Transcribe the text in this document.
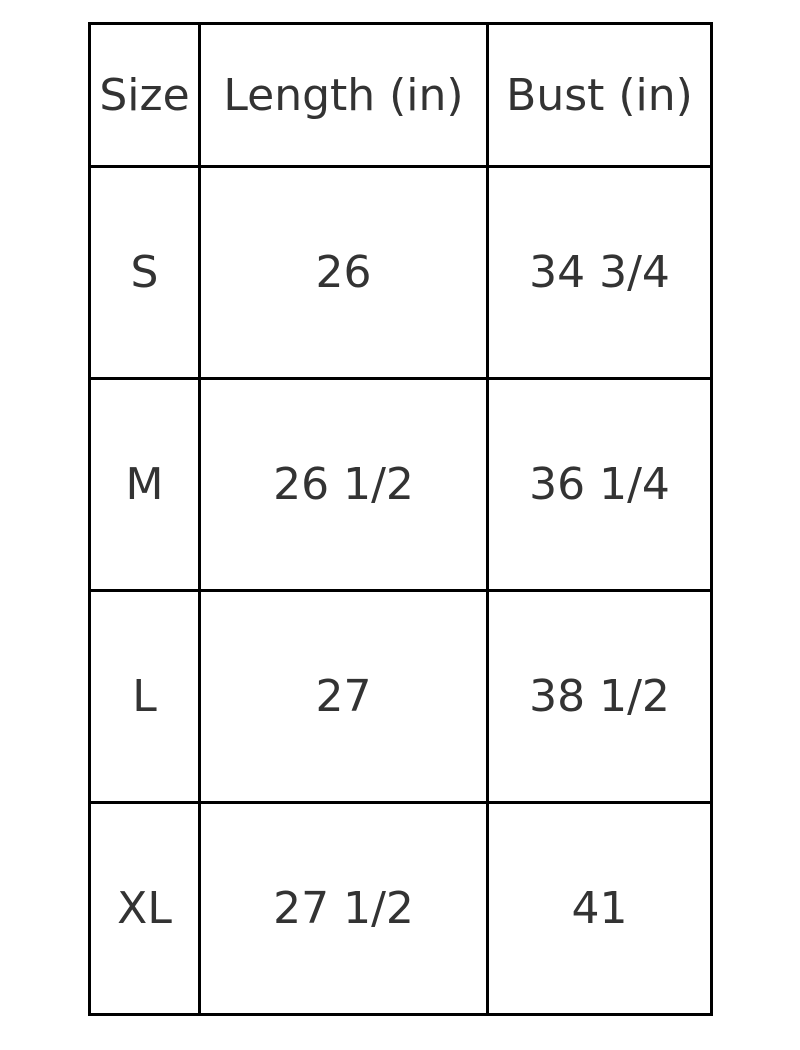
Size	Length (in)	Bust (in)
S	26	34 3/4
M	26 1/2	36 1/4
L	27	38 1/2
XL	27 1/2	41
